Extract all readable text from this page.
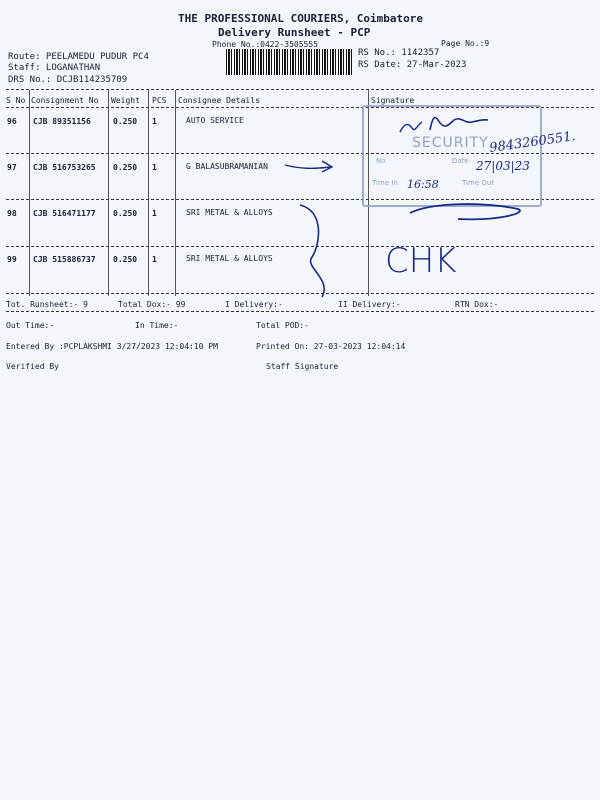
THE PROFESSIONAL COURIERS, Coimbatore
Delivery Runsheet - PCP
Phone No.:0422-3505555	Page No.:9
Route: PEELAMEDU PUDUR PC4
Staff: LOGANATHAN
DRS No.: DCJB114235709
RS No.: 1142357
RS Date: 27-Mar-2023
S No Consignment No Weight PCS Consignee Details	Signature
96 CJB 89351156	0.250 1	AUTO SERVICE
97 CJB 516753265 0.250 1	G BALASUBRAMANIAN
98 CJB 516471177 0.250 1	SRI METAL & ALLOYS
99 CJB 515886737 0.250 1	SRI METAL & ALLOYS
SECURITY
No	Date
Time In	Time Out
9843260551.
27|03|23
16:58
CHK
Tot. Runsheet:- 9	Total Dox:- 99	I Delivery:-	II Delivery:-	RTN Dox:-
Out Time:-	In Time:-	Total POD:-
Entered By :PCPLAKSHMI 3/27/2023 12:04:10 PM	Printed On: 27-03-2023 12:04:14
Verified By	Staff Signature
